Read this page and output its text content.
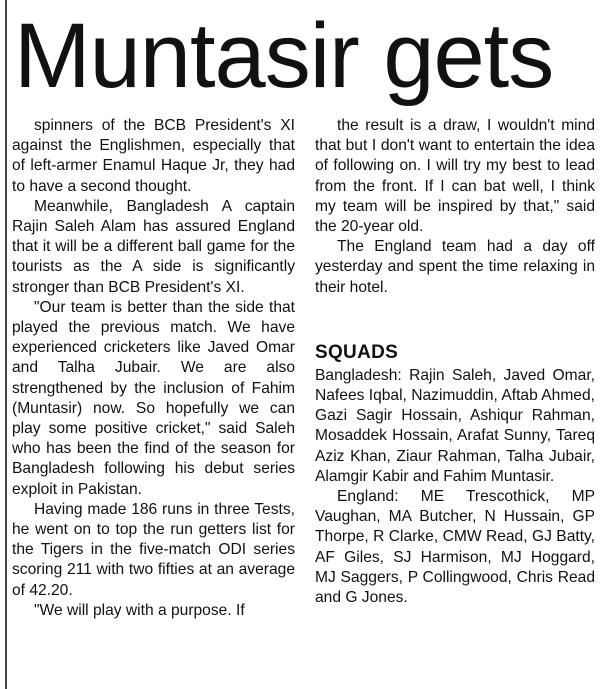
Muntasir gets

spinners of the BCB President's XI against the Englishmen, especially that of left-armer Enamul Haque Jr, they had to have a second thought.

Meanwhile, Bangladesh A captain Rajin Saleh Alam has assured England that it will be a different ball game for the tourists as the A side is significantly stronger than BCB President's XI.

"Our team is better than the side that played the previous match. We have experienced cricketers like Javed Omar and Talha Jubair. We are also strengthened by the inclusion of Fahim (Muntasir) now. So hopefully we can play some positive cricket," said Saleh who has been the find of the season for Bangladesh following his debut series exploit in Pakistan.

Having made 186 runs in three Tests, he went on to top the run getters list for the Tigers in the five-match ODI series scoring 211 with two fifties at an average of 42.20.

"We will play with a purpose. If

the result is a draw, I wouldn't mind that but I don't want to entertain the idea of following on. I will try my best to lead from the front. If I can bat well, I think my team will be inspired by that," said the 20-year old.

The England team had a day off yesterday and spent the time relaxing in their hotel.

SQUADS

Bangladesh: Rajin Saleh, Javed Omar, Nafees Iqbal, Nazimuddin, Aftab Ahmed, Gazi Sagir Hossain, Ashiqur Rahman, Mosaddek Hossain, Arafat Sunny, Tareq Aziz Khan, Ziaur Rahman, Talha Jubair, Alamgir Kabir and Fahim Muntasir.

England: ME Trescothick, MP Vaughan, MA Butcher, N Hussain, GP Thorpe, R Clarke, CMW Read, GJ Batty, AF Giles, SJ Harmison, MJ Hoggard, MJ Saggers, P Collingwood, Chris Read and G Jones.
